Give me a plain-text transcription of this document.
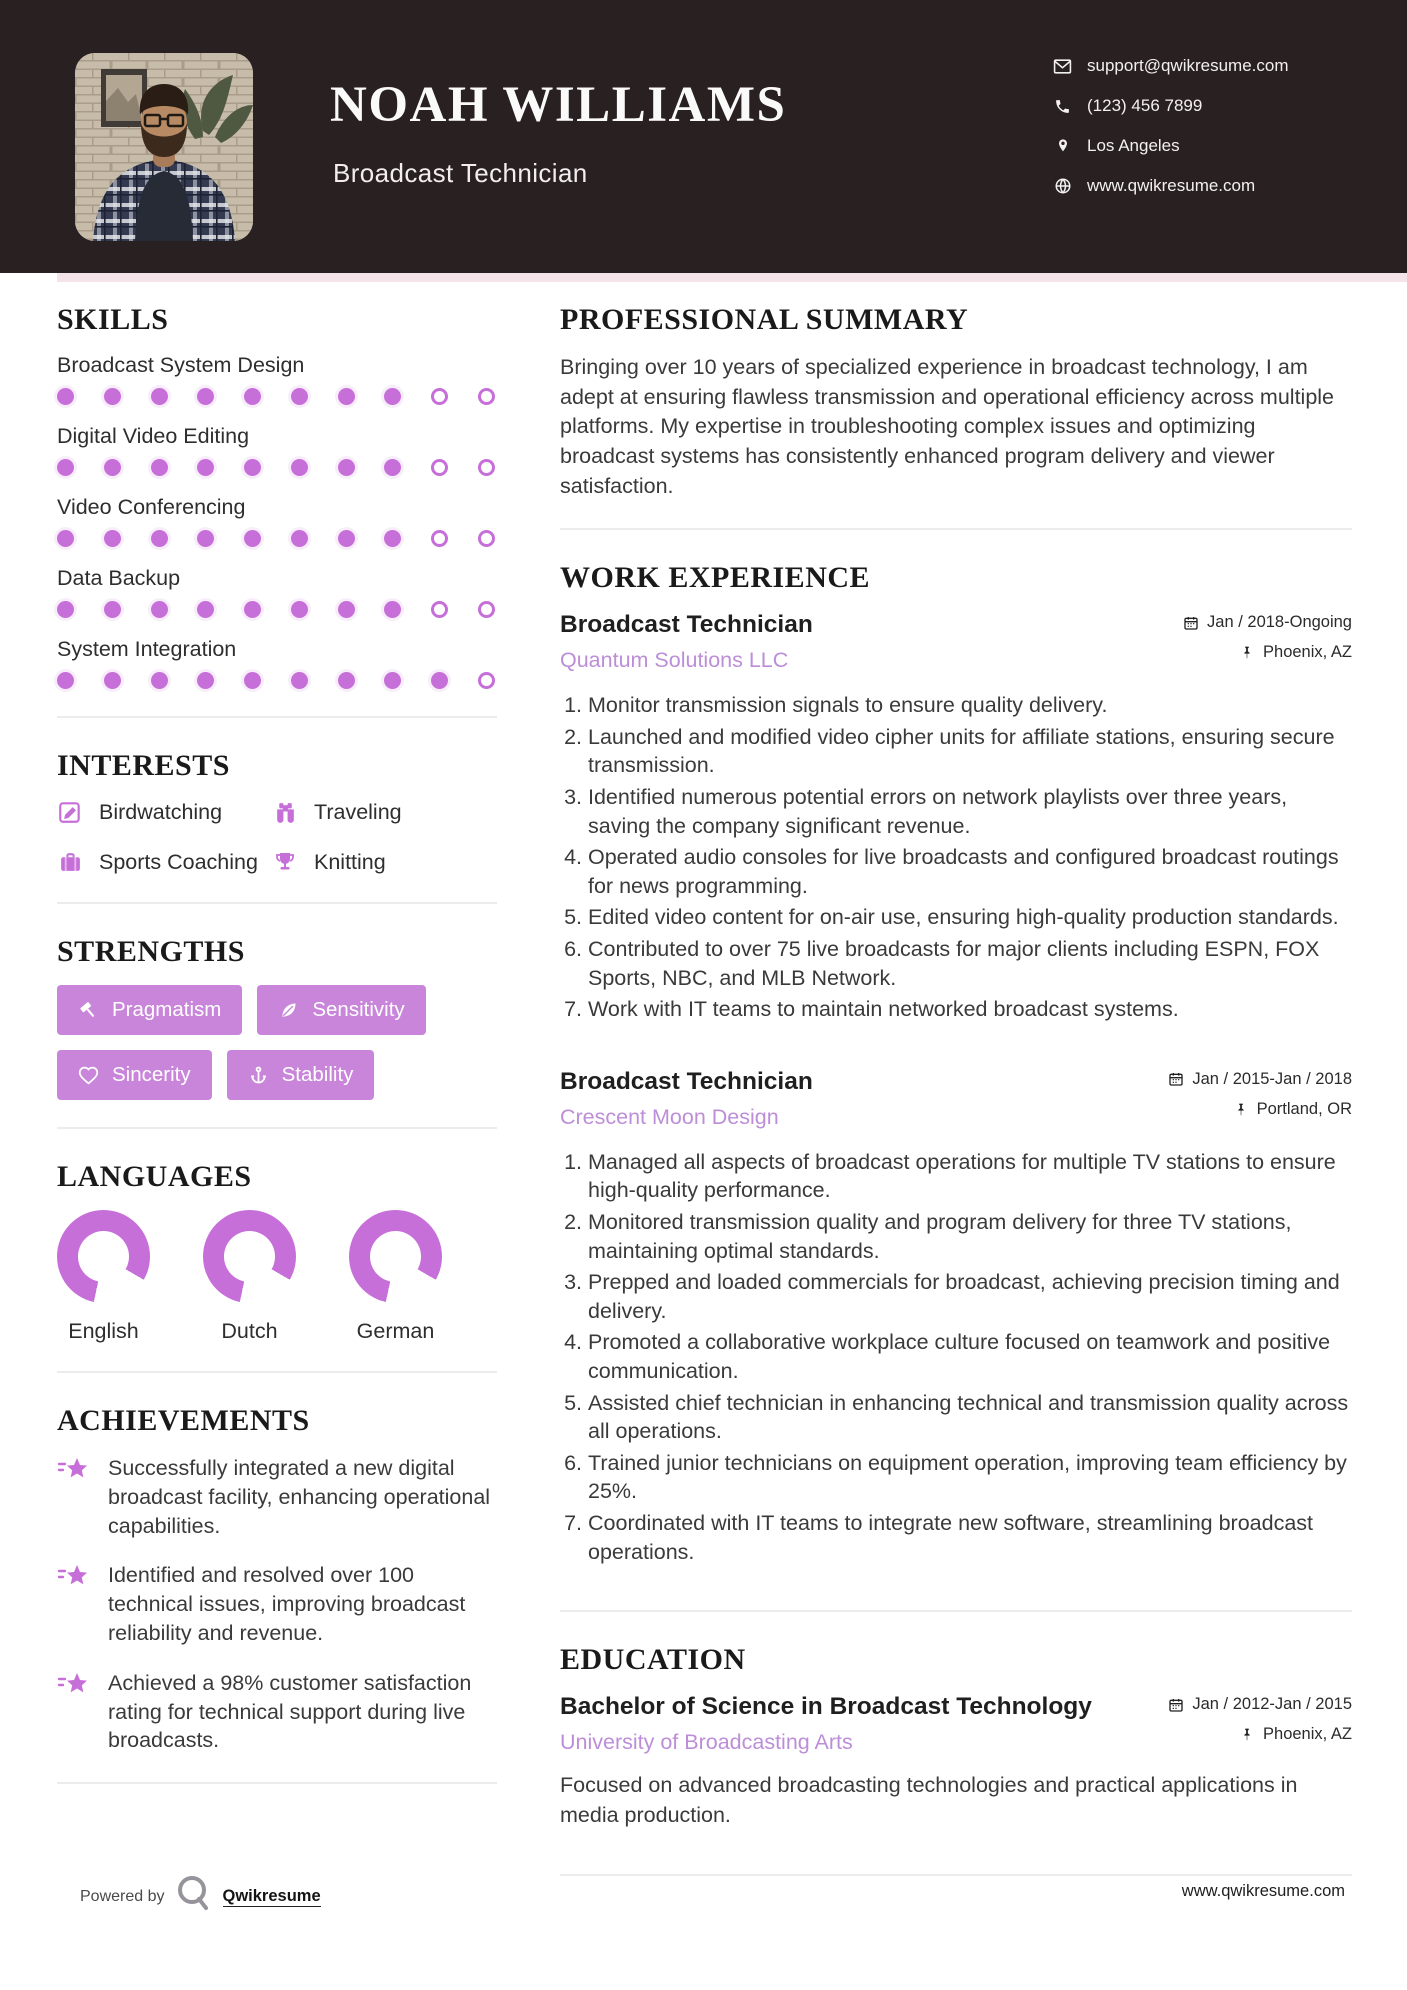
NOAH WILLIAMS
Broadcast Technician
support@qwikresume.com
(123) 456 7899
Los Angeles
www.qwikresume.com
SKILLS
Broadcast System Design
Digital Video Editing
Video Conferencing
Data Backup
System Integration
INTERESTS
Birdwatching	Traveling
Sports Coaching	Knitting
STRENGTHS
Pragmatism	Sensitivity
Sincerity	Stability
LANGUAGES
English	Dutch	German
ACHIEVEMENTS
Successfully integrated a new digital broadcast facility, enhancing operational capabilities.
Identified and resolved over 100 technical issues, improving broadcast reliability and revenue.
Achieved a 98% customer satisfaction rating for technical support during live broadcasts.
PROFESSIONAL SUMMARY

Bringing over 10 years of specialized experience in broadcast technology, I am adept at ensuring flawless transmission and operational efficiency across multiple platforms. My expertise in troubleshooting complex issues and optimizing broadcast systems has consistently enhanced program delivery and viewer satisfaction.

WORK EXPERIENCE
Broadcast Technician
Quantum Solutions LLC
Jan / 2018-Ongoing
Phoenix, AZ
1. Monitor transmission signals to ensure quality delivery.
2. Launched and modified video cipher units for affiliate stations, ensuring secure transmission.
3. Identified numerous potential errors on network playlists over three years, saving the company significant revenue.
4. Operated audio consoles for live broadcasts and configured broadcast routings for news programming.
5. Edited video content for on-air use, ensuring high-quality production standards.
6. Contributed to over 75 live broadcasts for major clients including ESPN, FOX Sports, NBC, and MLB Network.
7. Work with IT teams to maintain networked broadcast systems.
Broadcast Technician
Crescent Moon Design
Jan / 2015-Jan / 2018
Portland, OR
1. Managed all aspects of broadcast operations for multiple TV stations to ensure high-quality performance.
2. Monitored transmission quality and program delivery for three TV stations, maintaining optimal standards.
3. Prepped and loaded commercials for broadcast, achieving precision timing and delivery.
4. Promoted a collaborative workplace culture focused on teamwork and positive communication.
5. Assisted chief technician in enhancing technical and transmission quality across all operations.
6. Trained junior technicians on equipment operation, improving team efficiency by 25%.
7. Coordinated with IT teams to integrate new software, streamlining broadcast operations.
EDUCATION
Bachelor of Science in Broadcast Technology
University of Broadcasting Arts
Jan / 2012-Jan / 2015
Phoenix, AZ

Focused on advanced broadcasting technologies and practical applications in media production.

Powered by	Qwikresume	www.qwikresume.com
